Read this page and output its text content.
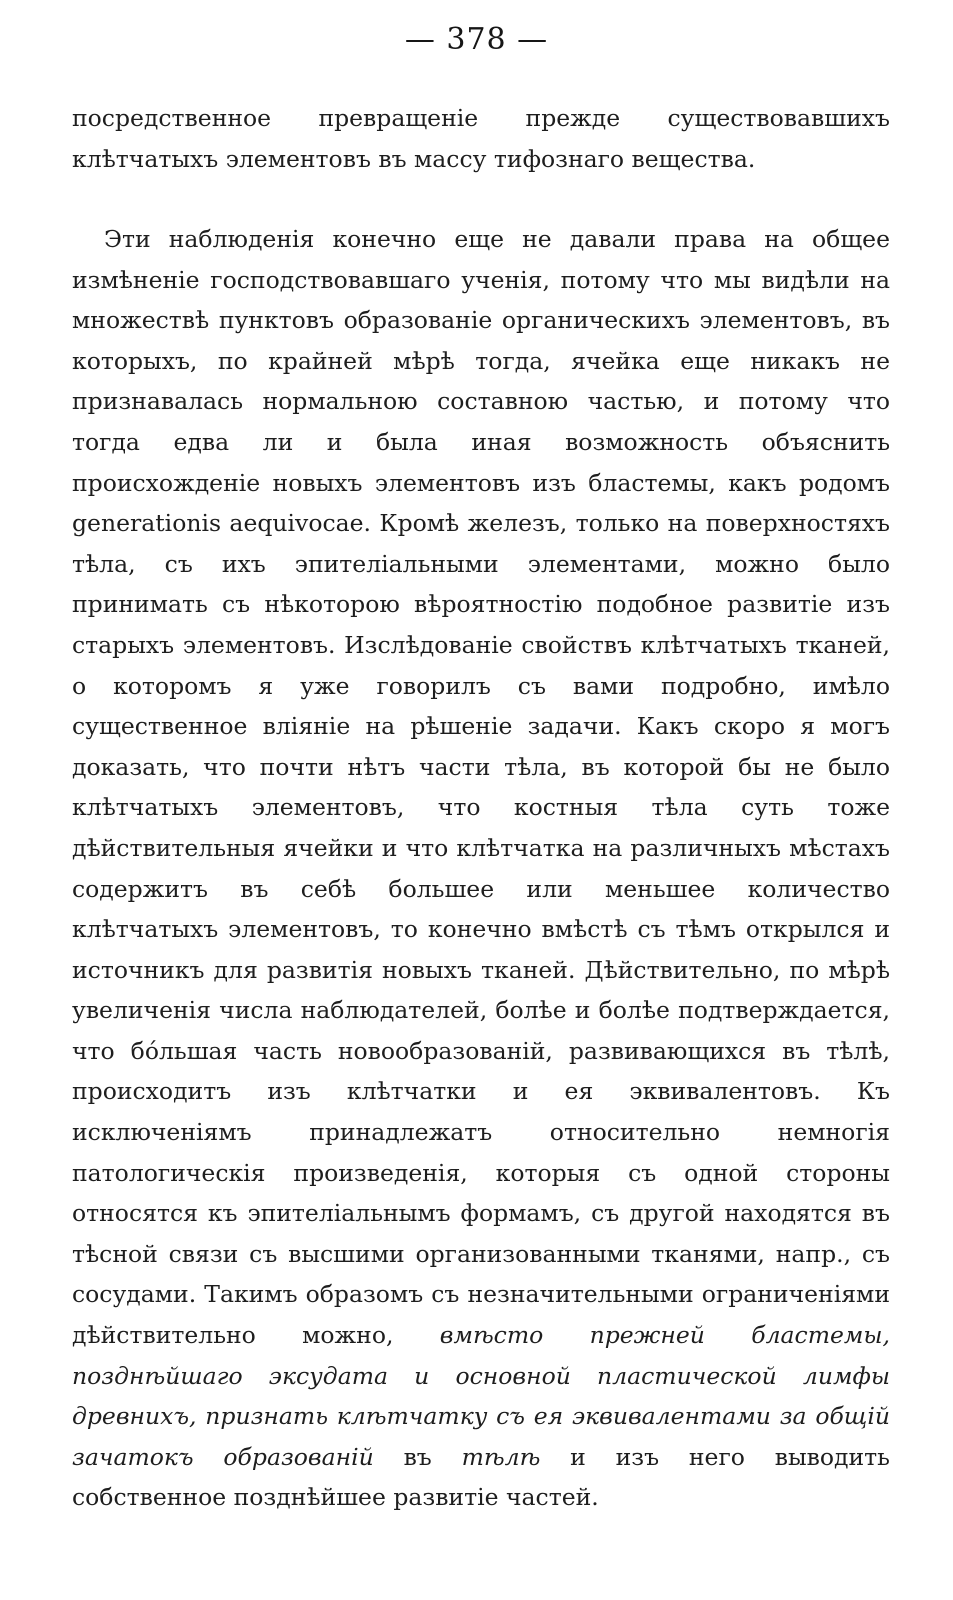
— 378 —

посредственное превращеніе прежде существовавшихъ клѣтчатыхъ элементовъ въ массу тифознаго вещества.

Эти наблюденія конечно еще не давали права на общее измѣненіе господствовавшаго ученія, потому что мы видѣли на множествѣ пунктовъ образованіе органическихъ элементовъ, въ которыхъ, по крайней мѣрѣ тогда, ячейка еще никакъ не признавалась нормальною составною частью, и потому что тогда едва ли и была иная возможность объяснить происхожденіе новыхъ элементовъ изъ бластемы, какъ родомъ generationis aequivocae. Кромѣ железъ, только на поверхностяхъ тѣла, съ ихъ эпителіальными элементами, можно было принимать съ нѣкоторою вѣроятностію подобное развитіе изъ старыхъ элементовъ. Изслѣдованіе свойствъ клѣтчатыхъ тканей, о которомъ я уже говорилъ съ вами подробно, имѣло существенное вліяніе на рѣшеніе задачи. Какъ скоро я могъ доказать, что почти нѣтъ части тѣла, въ которой бы не было клѣтчатыхъ элементовъ, что костныя тѣла суть тоже дѣйствительныя ячейки и что клѣтчатка на различныхъ мѣстахъ содержитъ въ себѣ большее или меньшее количество клѣтчатыхъ элементовъ, то конечно вмѣстѣ съ тѣмъ открылся и источникъ для развитія новыхъ тканей. Дѣйствительно, по мѣрѣ увеличенія числа наблюдателей, болѣе и болѣе подтверждается, что бо́льшая часть новообразованій, развивающихся въ тѣлѣ, происходитъ изъ клѣтчатки и ея эквивалентовъ. Къ исключеніямъ принадлежатъ относительно немногія патологическія произведенія, которыя съ одной стороны относятся къ эпителіальнымъ формамъ, съ другой находятся въ тѣсной связи съ высшими организованными тканями, напр., съ сосудами. Такимъ образомъ съ незначительными ограниченіями дѣйствительно можно, вмѣсто прежней бластемы, позднѣйшаго эксудата и основной пластической лимфы древнихъ, признать клѣтчатку съ ея эквивалентами за общій зачатокъ образованій въ тѣлѣ и изъ него выводить собственное позднѣйшее развитіе частей.
